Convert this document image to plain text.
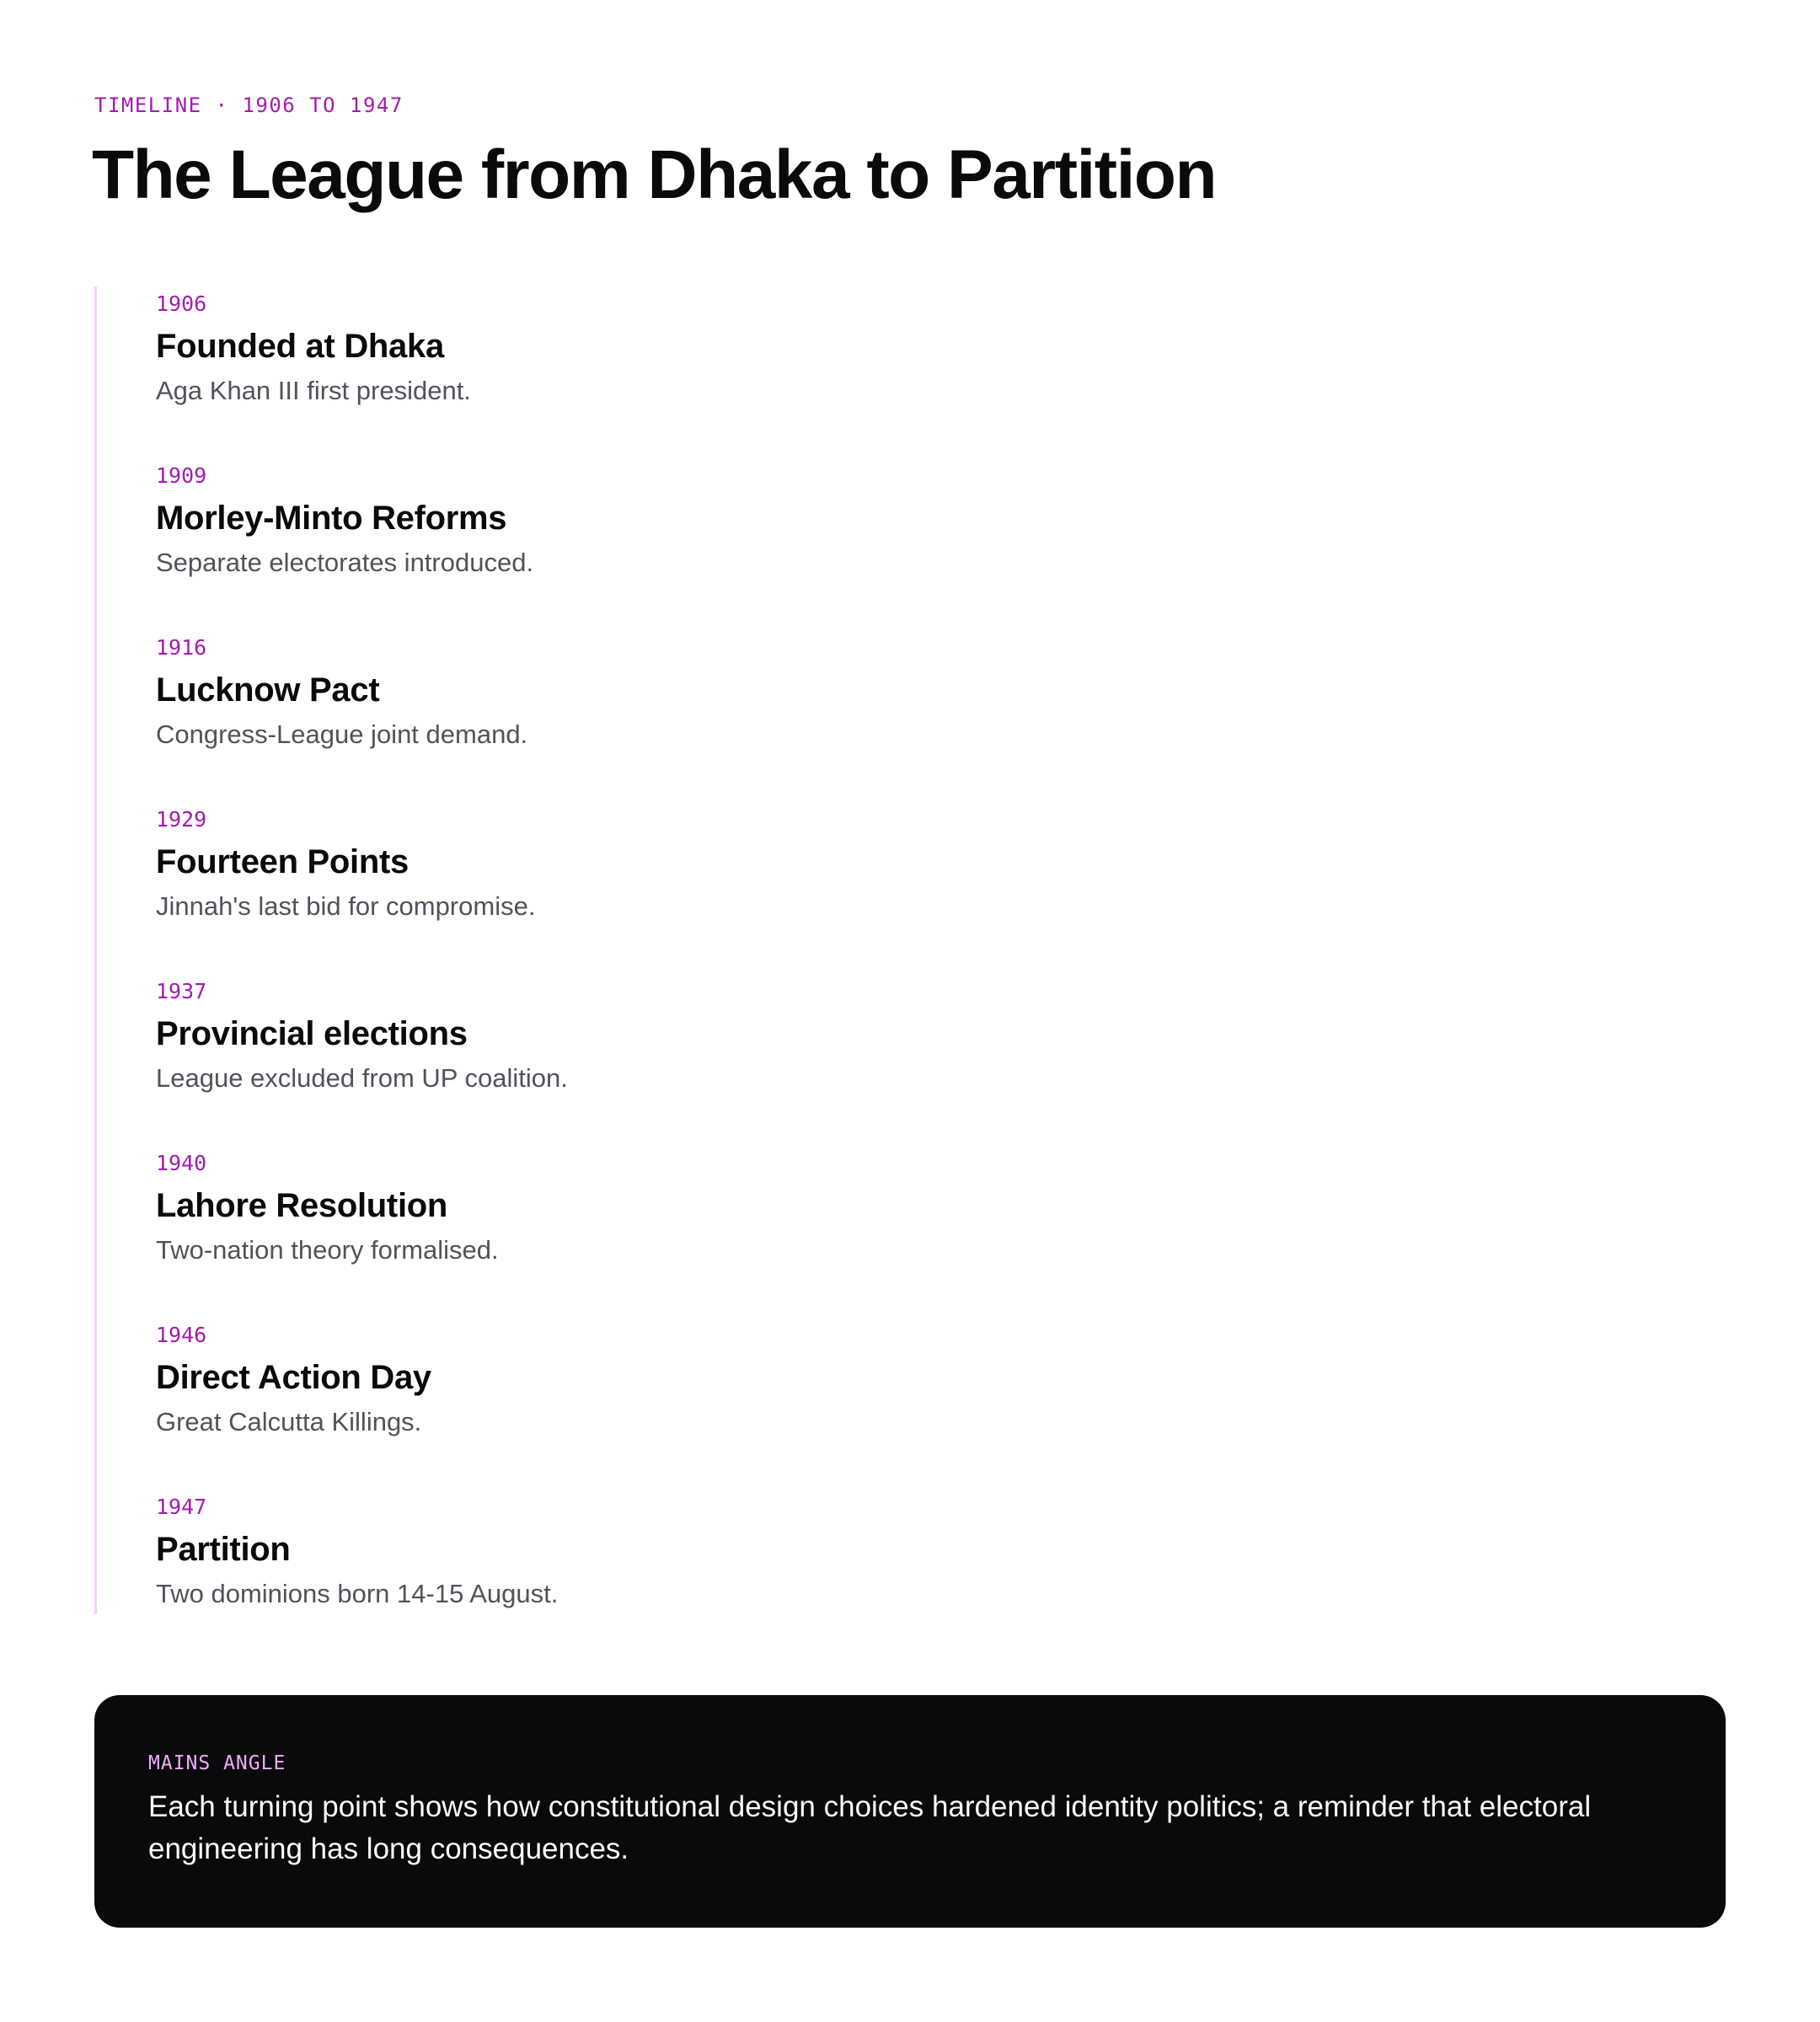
TIMELINE · 1906 TO 1947
The League from Dhaka to Partition
1906
Founded at Dhaka
Aga Khan III first president.
1909
Morley-Minto Reforms
Separate electorates introduced.
1916
Lucknow Pact
Congress-League joint demand.
1929
Fourteen Points
Jinnah's last bid for compromise.
1937
Provincial elections
League excluded from UP coalition.
1940
Lahore Resolution
Two-nation theory formalised.
1946
Direct Action Day
Great Calcutta Killings.
1947
Partition
Two dominions born 14-15 August.
MAINS ANGLE
Each turning point shows how constitutional design choices hardened identity politics; a reminder that electoral engineering has long consequences.
